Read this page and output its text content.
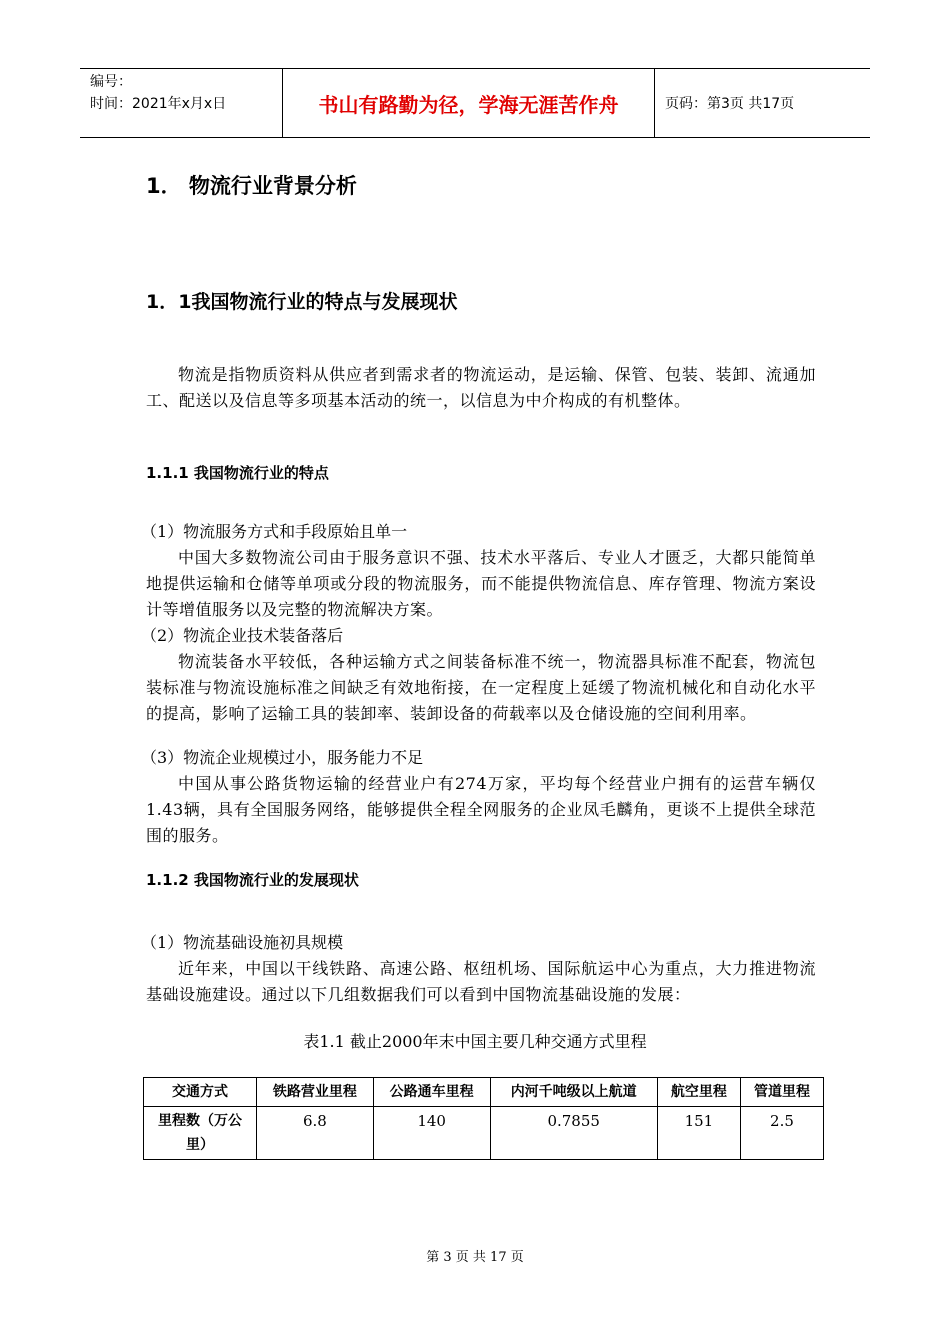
编号：
时间：2021年x月x日	书山有路勤为径，学海无涯苦作舟	页码：第3页 共17页
1． 物流行业背景分析
1．1我国物流行业的特点与发展现状

物流是指物质资料从供应者到需求者的物流运动，是运输、保管、包装、装卸、流通加工、配送以及信息等多项基本活动的统一，以信息为中介构成的有机整体。

1.1.1 我国物流行业的特点
（1）物流服务方式和手段原始且单一

中国大多数物流公司由于服务意识不强、技术水平落后、专业人才匮乏，大都只能简单地提供运输和仓储等单项或分段的物流服务，而不能提供物流信息、库存管理、物流方案设计等增值服务以及完整的物流解决方案。

（2）物流企业技术装备落后

物流装备水平较低，各种运输方式之间装备标准不统一，物流器具标准不配套，物流包装标准与物流设施标准之间缺乏有效地衔接，在一定程度上延缓了物流机械化和自动化水平的提高，影响了运输工具的装卸率、装卸设备的荷载率以及仓储设施的空间利用率。

（3）物流企业规模过小，服务能力不足

中国从事公路货物运输的经营业户有274万家，平均每个经营业户拥有的运营车辆仅1.43辆，具有全国服务网络，能够提供全程全网服务的企业凤毛麟角，更谈不上提供全球范围的服务。

1.1.2 我国物流行业的发展现状
（1）物流基础设施初具规模

近年来，中国以干线铁路、高速公路、枢纽机场、国际航运中心为重点，大力推进物流基础设施建设。通过以下几组数据我们可以看到中国物流基础设施的发展：

表1.1 截止2000年末中国主要几种交通方式里程
交通方式	铁路营业里程	公路通车里程	内河千吨级以上航道	航空里程	管道里程
里程数（万公里）	6.8	140	0.7855	151	2.5
第 3 页 共 17 页
